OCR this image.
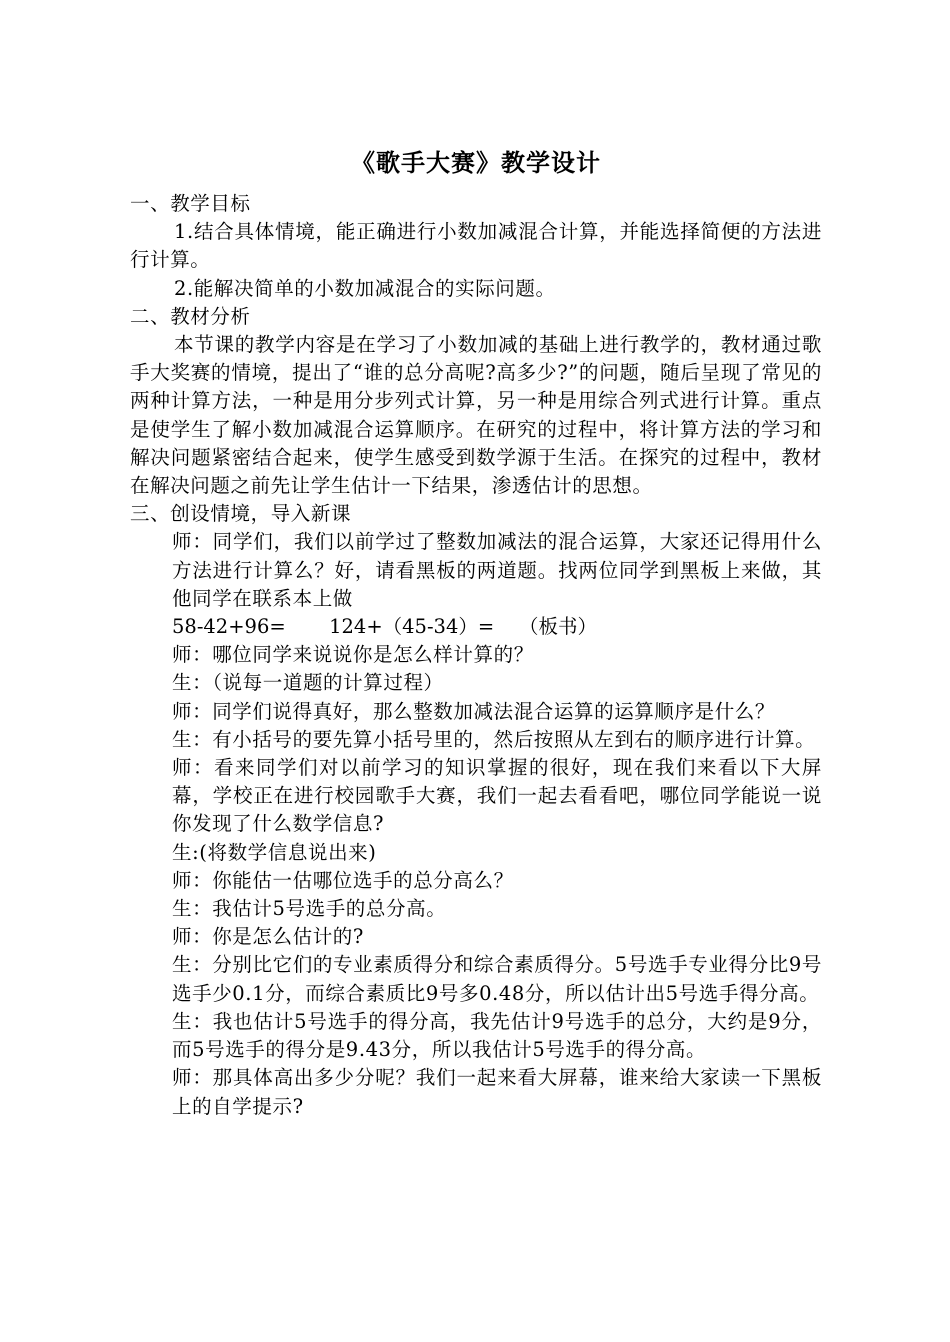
《歌手大赛》教学设计

一、教学目标

1.结合具体情境，能正确进行小数加减混合计算，并能选择简便的方法进行计算。

2.能解决简单的小数加减混合的实际问题。

二、教材分析

本节课的教学内容是在学习了小数加减的基础上进行教学的，教材通过歌手大奖赛的情境，提出了“谁的总分高呢?高多少?”的问题，随后呈现了常见的两种计算方法，一种是用分步列式计算，另一种是用综合列式进行计算。重点是使学生了解小数加减混合运算顺序。在研究的过程中，将计算方法的学习和解决问题紧密结合起来，使学生感受到数学源于生活。在探究的过程中，教材在解决问题之前先让学生估计一下结果，渗透估计的思想。

三、创设情境，导入新课

师：同学们，我们以前学过了整数加减法的混合运算，大家还记得用什么方法进行计算么？好，请看黑板的两道题。找两位同学到黑板上来做，其他同学在联系本上做

58-42+96=       124+（45-34）=    （板书）

师：哪位同学来说说你是怎么样计算的？

生：（说每一道题的计算过程）

师：同学们说得真好，那么整数加减法混合运算的运算顺序是什么？

生：有小括号的要先算小括号里的，然后按照从左到右的顺序进行计算。

师：看来同学们对以前学习的知识掌握的很好，现在我们来看以下大屏幕，学校正在进行校园歌手大赛，我们一起去看看吧，哪位同学能说一说你发现了什么数学信息?

生:(将数学信息说出来)

师：你能估一估哪位选手的总分高么？

生：我估计5号选手的总分高。

师：你是怎么估计的?

生：分别比它们的专业素质得分和综合素质得分。5号选手专业得分比9号选手少0.1分，而综合素质比9号多0.48分，所以估计出5号选手得分高。

生：我也估计5号选手的得分高，我先估计9号选手的总分，大约是9分，而5号选手的得分是9.43分，所以我估计5号选手的得分高。

师：那具体高出多少分呢？我们一起来看大屏幕，谁来给大家读一下黑板上的自学提示?
